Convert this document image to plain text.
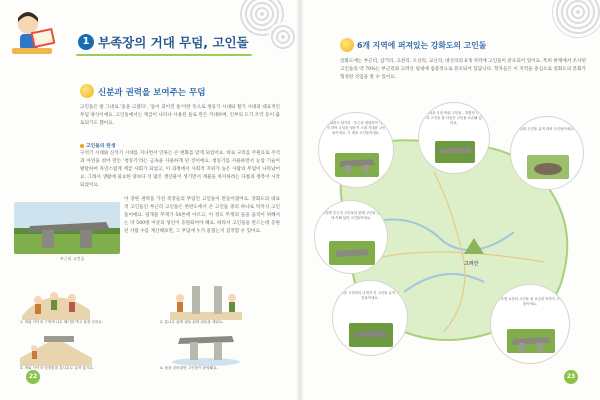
1 부족장의 거대 무덤, 고인돌
신분과 권력을 보여주는 무덤
고인돌은 말 그대로 '돌을 고였다', '돌이 괴어진 돌'이란 뜻으로 청동기 시대와 철기 시대의 대표적인 무덤 양식이에요. 고인돌에서는 계급이 나타나 사용된 돌로 만든 거대하며, 인부의 도기 조각 등이 출토되기도 했어요.
고인돌의 탄생
구석기 시대와 신석기 시대를 지나면서 인류는 큰 변화를 맞게 되었어요. 바로 구리를 주원료로 주석과 아연을 섞어 만든 '청동기'라는 금속을 사용하게 된 것이에요. 청동기를 사용하면서 농업 기술이 발달하여 자연스럽게 계급 사회가 되었고, 이 과정에서 사회적 지위가 높은 사람의 무덤이 나타났어요. 그래서 생활에 필요한 양보다 더 많은 생산물이 생기면서 재물을 차지하려는 다툼과 정복이 시작되었어요.
부근리 고인돌
이 강한 권력을 가진 족장들의 무덤인 고인돌이 만들어졌어요. 강화도의 대표적 고인돌인 부근리 고인돌은 한반도에서 큰 고인돌 중의 하나로 탁자식 고인돌이에요. 덮개돌 무게가 50톤에 이르고, 이 정도 무게의 돌을 움직이 위해서는 약 500명 이상의 성인이 동원되어야 해요. 따라서 고인돌을 만드는데 동원된 사람 수를 계산해보면, 그 무덤에 누가 묻혔는지 짐작할 수 있어요.
1. 바위 사이의 구멍에 나무 쐐기를 박고 물을 부어요.	2. 통나무 위에 굄돌 위에 굄돌을 세워요.
3. 바위 사이의 덮개돌을 통나무로 굴려 옮겨요.	4. 흙을 걷어내면 고인돌이 완성돼요.
22
6개 지역에 퍼져있는 강화도의 고인돌
강화도에는 부근리, 삼거리, 고천리, 오상리, 교산리, 대산리의 6개 지역에 고인돌이 분포되어 있어요. 특히 한계에서 조사된 고인돌의 약 70%는 부근리와 고려산 일대에 집중적으로 분포되어 있답니다. 학자들은 이 지역을 중심으로 강화도의 문화가 형성된 것임을 알 수 있어요.
고려산
숭회하시 삼거리 · 부근리 장당하여 가까지 하여 무덤을 청동기 시대 거대한 고인돌이에요. 기 대표 고인돌이에요.
강화읍 무덤 바위 고인돌 - 하점면 부근리 고인돌 잘 다듬은 고인돌 보존돼 있어요.
강화 고인돌 유적 대표 고인돌이에요.
하점면 부근리 고인돌과 함께 고인돌 군에 속해 있어 고인돌이에요.
교동 고천리의 나머지 인 고인돌 유적 고인돌이에요.	양사면 교산리 고인돌 잘 보존된 탁자식 고인돌이에요.
23
